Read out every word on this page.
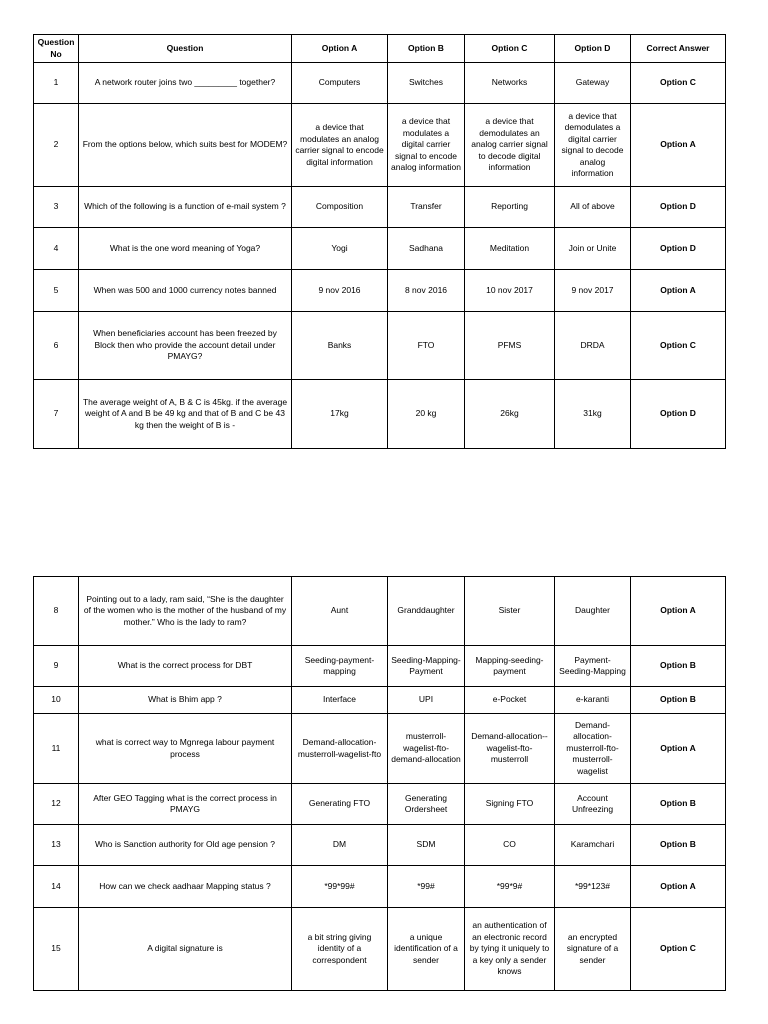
Question No	Question	Option A	Option B	Option C	Option D	Correct Answer
1	A network router joins two _________ together?	Computers	Switches	Networks	Gateway	Option C
2	From the options below, which suits best for MODEM?	a device that modulates an analog carrier signal to encode digital information	a device that modulates a digital carrier signal to encode analog information	a device that demodulates an analog carrier signal to decode digital information	a device that demodulates a digital carrier signal to decode analog information	Option A
3	Which of the following is a function of e-mail system ?	Composition	Transfer	Reporting	All of above	Option D
4	What is the one word meaning of Yoga?	Yogi	Sadhana	Meditation	Join or Unite	Option D
5	When was 500 and 1000 currency notes banned	9 nov 2016	8 nov 2016	10 nov 2017	9 nov 2017	Option A
6	When beneficiaries account has been freezed by Block then who provide the account detail under PMAYG?	Banks	FTO	PFMS	DRDA	Option C
7	The average weight of A, B & C is 45kg. if the average weight of A and B be 49 kg and that of B and C be 43 kg then the weight of B is -	17kg	20 kg	26kg	31kg	Option D
8	Pointing out to a lady, ram said, “She is the daughter of the women who is the mother of the husband of my mother.” Who is the lady to ram?	Aunt	Granddaughter	Sister	Daughter	Option A
9	What is the correct process for DBT	Seeding-payment-mapping	Seeding-Mapping-Payment	Mapping-seeding-payment	Payment-Seeding-Mapping	Option B
10	What is Bhim app ?	Interface	UPI	e-Pocket	e-karanti	Option B
11	what is correct way to Mgnrega labour payment process	Demand-allocation-musterroll-wagelist-fto	musterroll-wagelist-fto-demand-allocation	Demand-allocation--wagelist-fto-musterroll	Demand-allocation-musterroll-fto-musterroll-wagelist	Option A
12	After GEO Tagging what is the correct process in PMAYG	Generating FTO	Generating Ordersheet	Signing FTO	Account Unfreezing	Option B
13	Who is Sanction authority for Old age pension ?	DM	SDM	CO	Karamchari	Option B
14	How can we check aadhaar Mapping status ?	*99*99#	*99#	*99*9#	*99*123#	Option A
15	A digital signature is	a bit string giving identity of a correspondent	a unique identification of a sender	an authentication of an electronic record by tying it uniquely to a key only a sender knows	an encrypted signature of a sender	Option C
